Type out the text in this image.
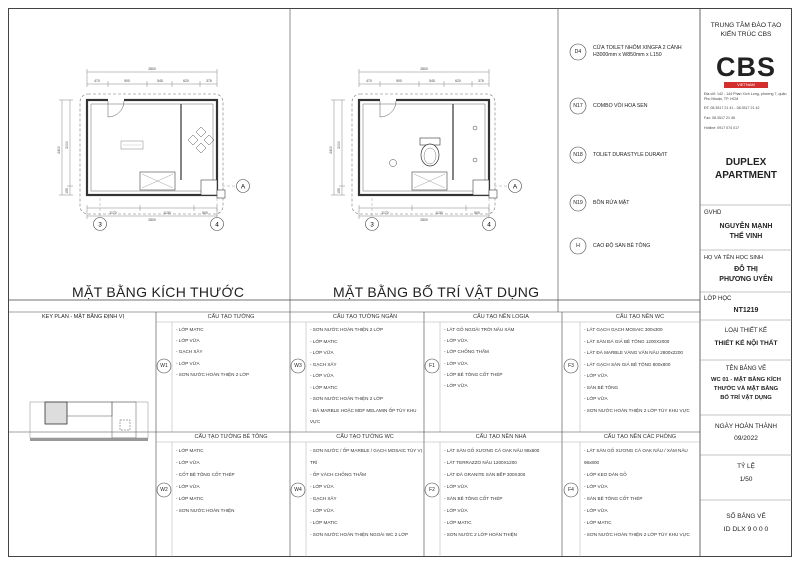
3	4
A
2800
470	900	545	620	375
1170	1130	500
2800
2400
2000
155
3	4
A
2800
470	900	545	620	375
1170	1130	500
2800
2400
2000
155
MẶT BẰNG KÍCH THƯỚC	MẶT BẰNG BỐ TRÍ VẬT DỤNG
D4
CỬA TOILET NHÔM XINGFA 2 CÁNH H3000mm x W850mm x L150
N17	COMBO VÒI HOA SEN
N18	TOLIET DURASTYLE DURAVIT
N19	BỒN RỬA MẶT
H	CAO ĐỘ SÀN BÊ TÔNG
KEY PLAN - MẶT BẰNG ĐỊNH VỊ	CẤU TẠO TƯỜNG	CẤU TẠO TƯỜNG NGĂN	CẤU TẠO NỀN LOGIA	CẤU TẠO NỀN WC
W1	W3	F1	F3
- LỚP MATIC
- LỚP VỮA
- GẠCH XÂY
- LỚP VỮA
- SƠN NƯỚC HOÀN THIỆN 2 LỚP
- SƠN NƯỚC HOÀN THIỆN 2 LỚP
- LỚP MATIC
- LỚP VỮA
- GẠCH XÂY
- LỚP VỮA
- LỚP MATIC
- SƠN NƯỚC HOÀN THIỆN 2 LỚP
- ĐÁ MARBLE HOẶC MDF MELAMIN ỐP TÙY KHU VỰC
- LÁT GỖ NGOÀI TRỜI NÂU XÁM
- LỚP VỮA
- LỚP CHỐNG THẤM
- LỚP VỮA
- LỚP BÊ TÔNG CỐT THÉP
- LỚP VỮA
- LÁT GẠCH GẠCH MOSAIC 300x300
- LÁT SÀN ĐÁ GIẢ BÊ TÔNG 1200X2000
- LÁT ĐÁ MARBLE VÀNG VÂN NÂU 2800x2200
- LÁT GẠCH SÀN GIẢ BÊ TÔNG 800x800
- LỚP VỮA
- SÀN BÊ TÔNG
- LỚP VỮA
- SƠN NƯỚC HOÀN THIỆN 2 LỚP TÙY KHU VỰC
CẤU TẠO TƯỜNG BÊ TÔNG	CẤU TẠO TƯỜNG WC	CẤU TẠO NỀN NHÀ	CẤU TẠO NỀN CÁC PHÒNG
W2	W4	F2	F4
- LỚP MATIC
- LỚP VỮA
- CỐT BÊ TÔNG CỐT THÉP
- LỚP VỮA
- LỚP MATIC
- SƠN NƯỚC HOÀN THIỆN
- SƠN NƯỚC / ỐP MARBLE / GẠCH MOSAIC TÙY VỊ TRÍ
- ỐP VÁCH CHỐNG THẤM
- LỚP VỮA
- GẠCH XÂY
- LỚP VỮA
- LỚP MATIC
- SƠN NƯỚC HOÀN THIỆN NGOÀI WC 2 LỚP
- LÁT SÀN GỖ XƯƠNG CÁ OAK NÂU 98x800
- LÁT TERRAZZO NÂU 1200X1200
- LÁT ĐÁ GRANITE SÀN BẾP 300X300
- LỚP VỮA
- SÀN BÊ TÔNG CỐT THÉP
- LỚP VỮA
- LỚP MATIC
- SƠN NƯỚC 2 LỚP HOÀN THIỆN
- LÁT SÀN GỖ XƯƠNG CÁ OAK NÂU / XÁM NÂU 98x800
- LỚP KEO DÁN GỖ
- LỚP VỮA
- SÀN BÊ TÔNG CỐT THÉP
- LỚP VỮA
- LỚP MATIC
- SƠN NƯỚC HOÀN THIỆN 2 LỚP TÙY KHU VỰC
TRUNG TÂM ĐÀO TẠO
KIẾN TRÚC CBS
CBS
VIETNAM
Địa chỉ: 142 - 144 Phan Xích Long, phường 7, quận Phú Nhuận, TP. HCM
ĐT: 08.3517 21 41 - 08.3517 21 42
Fax: 08.3517 21 46
Hotline: 0917 074 017
DUPLEX
APARTMENT
GVHD
NGUYỄN MẠNH
THẾ VINH
HỌ VÀ TÊN HỌC SINH
ĐỖ THỊ
PHƯƠNG UYÊN
LỚP HỌC
NT1219
LOẠI THIẾT KẾ
THIẾT KẾ NỘI THẤT
TÊN BẢNG VẼ
WC 01 - MẶT BẰNG KÍCH
THƯỚC VÀ MẶT BẰNG
BỐ TRÍ VẬT DỤNG
NGÀY HOÀN THÀNH
09/2022
TỶ LỆ
1/50
SỐ BẢNG VẼ
ID DLX 9 0 0 0
